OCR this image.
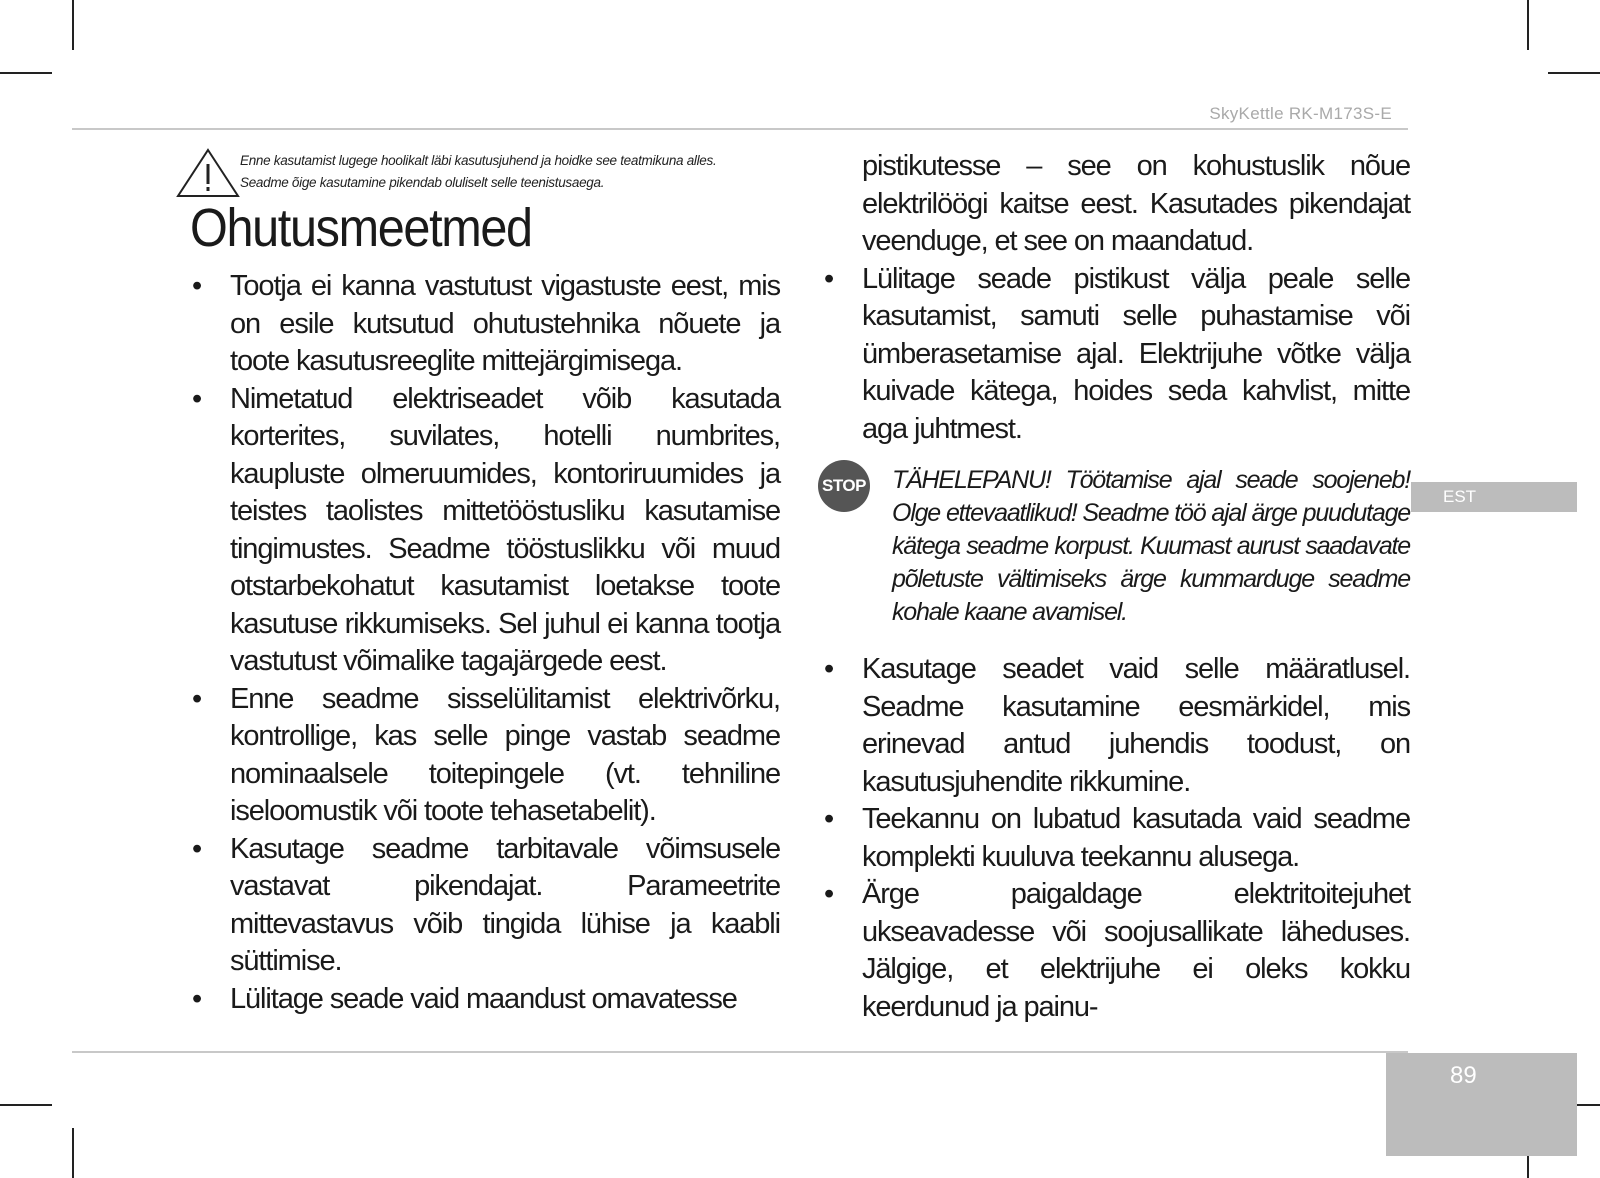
SkyKettle RK-M173S-E
89
EST
Enne kasutamist lugege hoolikalt läbi kasutusjuhend ja hoidke see teatmikuna alles.
Seadme õige kasutamine pikendab oluliselt selle teenistusaega.
Ohutusmeetmed
• Tootja ei kanna vastutust vigastuste eest, mis on esile kutsutud ohutustehnika nõuete ja toote kasutusreeglite mittejärgimisega.
• Nimetatud elektriseadet võib kasutada korterites, suvilates, hotelli numbrites, kaupluste olmeruumides, kontoriruumides ja teistes taolistes mittetööstusliku kasutamise tingimustes. Seadme tööstuslikku või muud otstarbekohatut kasutamist loetakse toote kasutuse rikkumiseks. Sel juhul ei kanna tootja vastutust võimalike tagajärgede eest.
• Enne seadme sisselülitamist elektrivõrku, kontrollige, kas selle pinge vastab seadme nominaalsele toitepingele (vt. tehniline iseloomustik või toote tehasetabelit).
• Kasutage seadme tarbitavale võimsusele vastavat pikendajat. Parameetrite mittevastavus võib tingida lühise ja kaabli süttimise.
• Lülitage seade vaid maandust omavatesse

pistikutesse – see on kohustuslik nõue elektrilöögi kaitse eest. Kasutades pikendajat veenduge, et see on maandatud.

• Lülitage seade pistikust välja peale selle kasutamist, samuti selle puhastamise või ümberasetamise ajal. Elektrijuhe võtke välja kuivade kätega, hoides seda kahvlist, mitte aga juhtmest.
STOP TÄHELEPANU! Töötamise ajal seade soojeneb! Olge ettevaatlikud! Seadme töö ajal ärge puudutage kätega seadme korpust. Kuumast aurust saadavate põletuste vältimiseks ärge kummarduge seadme kohale kaane avamisel.

• Kasutage seadet vaid selle määratlusel. Seadme kasutamine eesmärkidel, mis erinevad antud juhendis toodust, on kasutusjuhendite rikkumine.
• Teekannu on lubatud kasutada vaid seadme komplekti kuuluva teekannu alusega.
• Ärge paigaldage elektritoitejuhet ukseavadesse või soojusallikate läheduses. Jälgige, et elektrijuhe ei oleks kokku keerdunud ja painu-
